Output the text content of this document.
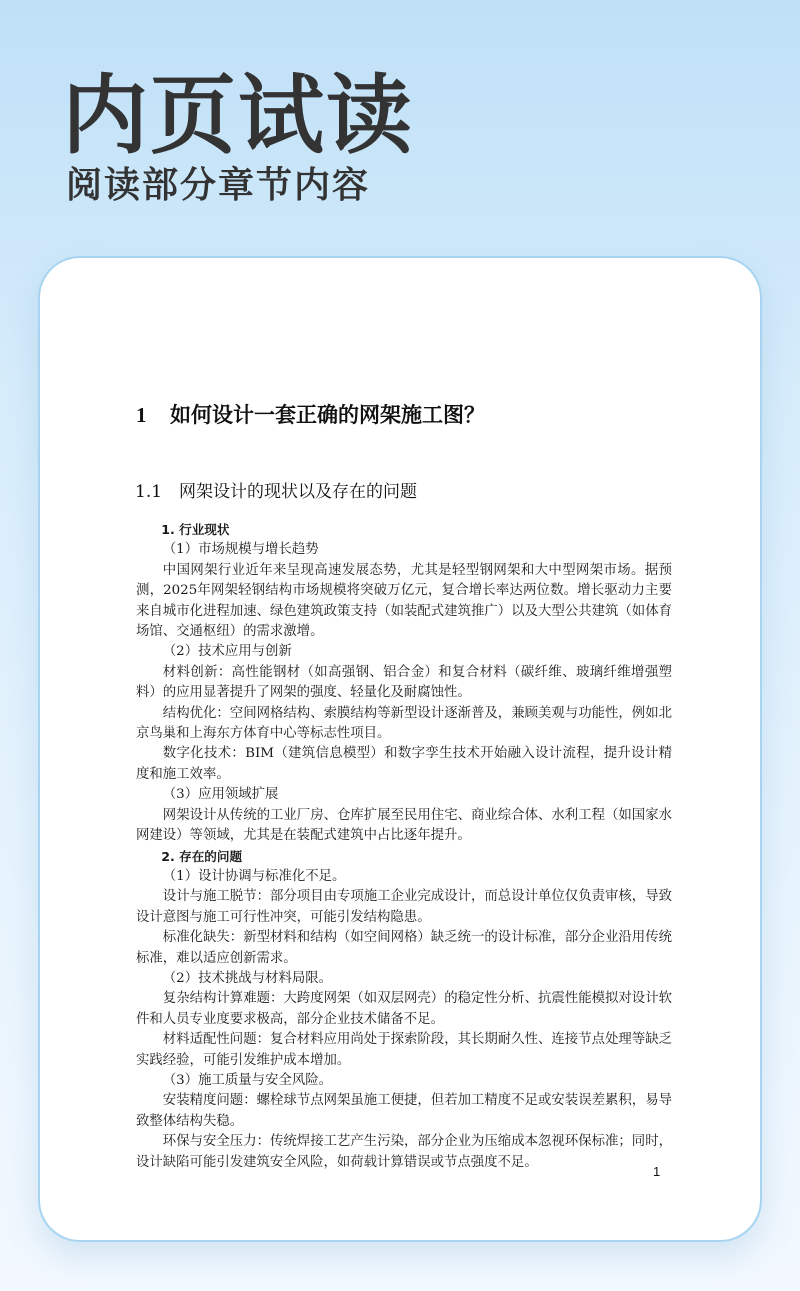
内页试读
阅读部分章节内容
1 如何设计一套正确的网架施工图？
1.1 网架设计的现状以及存在的问题

1. 行业现状

（1）市场规模与增长趋势

中国网架行业近年来呈现高速发展态势，尤其是轻型钢网架和大中型网架市场。据预测，2025年网架轻钢结构市场规模将突破万亿元，复合增长率达两位数。增长驱动力主要来自城市化进程加速、绿色建筑政策支持（如装配式建筑推广）以及大型公共建筑（如体育场馆、交通枢纽）的需求激增。

（2）技术应用与创新

材料创新：高性能钢材（如高强钢、铝合金）和复合材料（碳纤维、玻璃纤维增强塑料）的应用显著提升了网架的强度、轻量化及耐腐蚀性。

结构优化：空间网格结构、索膜结构等新型设计逐渐普及，兼顾美观与功能性，例如北京鸟巢和上海东方体育中心等标志性项目。

数字化技术：BIM（建筑信息模型）和数字孪生技术开始融入设计流程，提升设计精度和施工效率。

（3）应用领域扩展

网架设计从传统的工业厂房、仓库扩展至民用住宅、商业综合体、水利工程（如国家水网建设）等领域，尤其是在装配式建筑中占比逐年提升。

2. 存在的问题

（1）设计协调与标准化不足。

设计与施工脱节：部分项目由专项施工企业完成设计，而总设计单位仅负责审核，导致设计意图与施工可行性冲突，可能引发结构隐患。

标准化缺失：新型材料和结构（如空间网格）缺乏统一的设计标准，部分企业沿用传统标准，难以适应创新需求。

（2）技术挑战与材料局限。

复杂结构计算难题：大跨度网架（如双层网壳）的稳定性分析、抗震性能模拟对设计软件和人员专业度要求极高，部分企业技术储备不足。

材料适配性问题：复合材料应用尚处于探索阶段，其长期耐久性、连接节点处理等缺乏实践经验，可能引发维护成本增加。

（3）施工质量与安全风险。

安装精度问题：螺栓球节点网架虽施工便捷，但若加工精度不足或安装误差累积，易导致整体结构失稳。

环保与安全压力：传统焊接工艺产生污染，部分企业为压缩成本忽视环保标准；同时，设计缺陷可能引发建筑安全风险，如荷载计算错误或节点强度不足。

1
